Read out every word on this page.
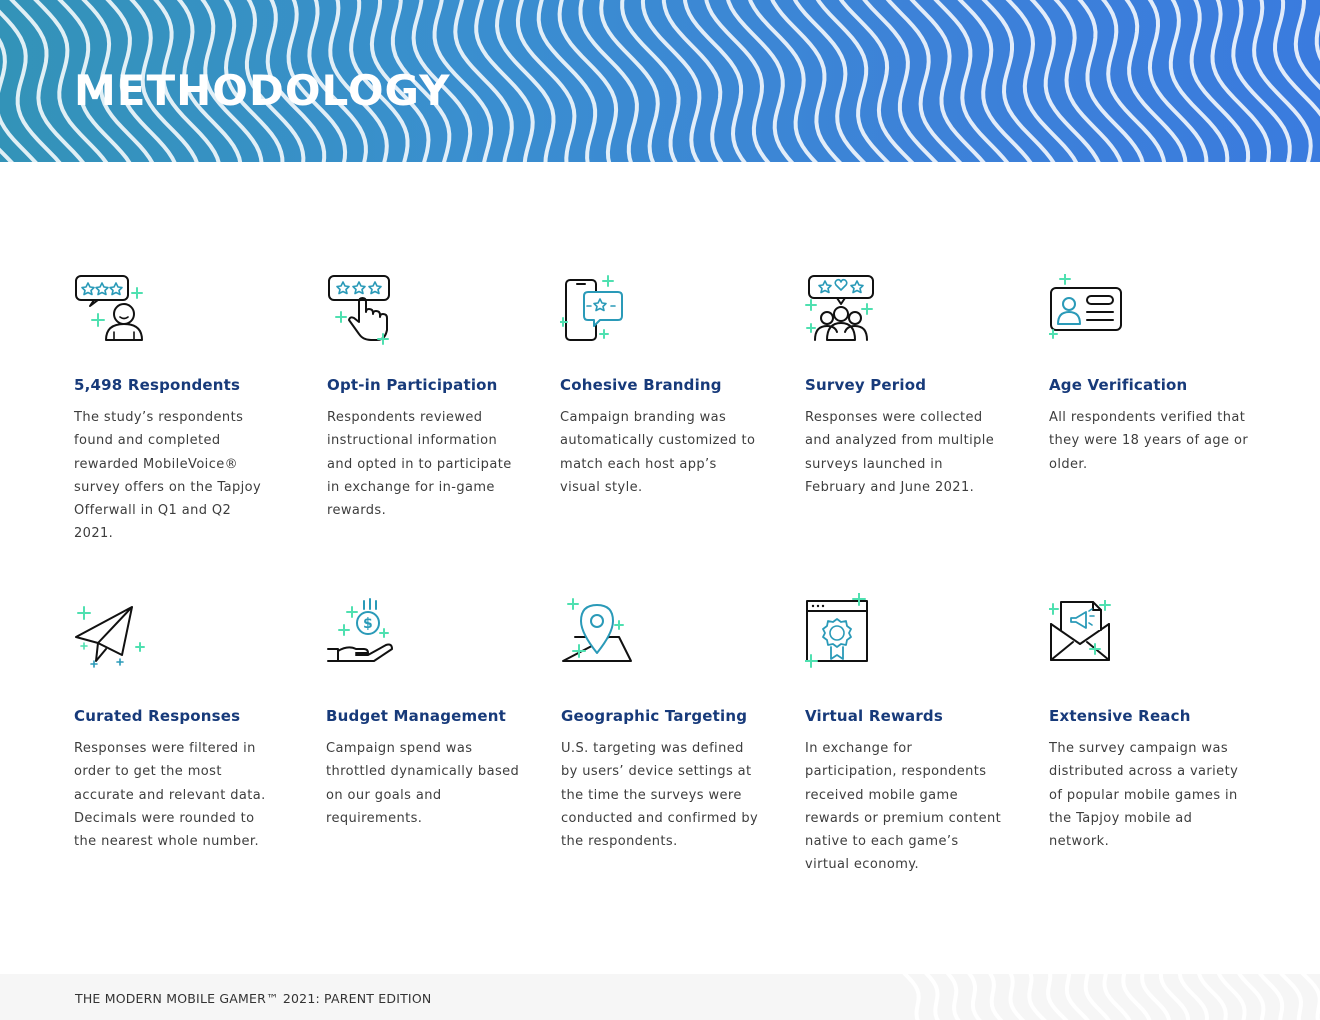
METHODOLOGY
5,498 Respondents
The study’s respondents found and completed rewarded MobileVoice® survey offers on the Tapjoy Offerwall in Q1 and Q2 2021.
Opt-in Participation
Respondents reviewed instructional information and opted in to participate in exchange for in-game rewards.
Cohesive Branding
Campaign branding was automatically customized to match each host app’s visual style.
Survey Period
Responses were collected and analyzed from multiple surveys launched in February and June 2021.
Age Verification
All respondents verified that they were 18 years of age or older.
Curated Responses
Responses were filtered in order to get the most accurate and relevant data. Decimals were rounded to the nearest whole number.
$
Budget Management
Campaign spend was throttled dynamically based on our goals and requirements.
Geographic Targeting
U.S. targeting was defined by users’ device settings at the time the surveys were conducted and confirmed by the respondents.
Virtual Rewards
In exchange for participation, respondents received mobile game rewards or premium content native to each game’s virtual economy.
Extensive Reach
The survey campaign was distributed across a variety of popular mobile games in the Tapjoy mobile ad network.
THE MODERN MOBILE GAMER™ 2021: PARENT EDITION
